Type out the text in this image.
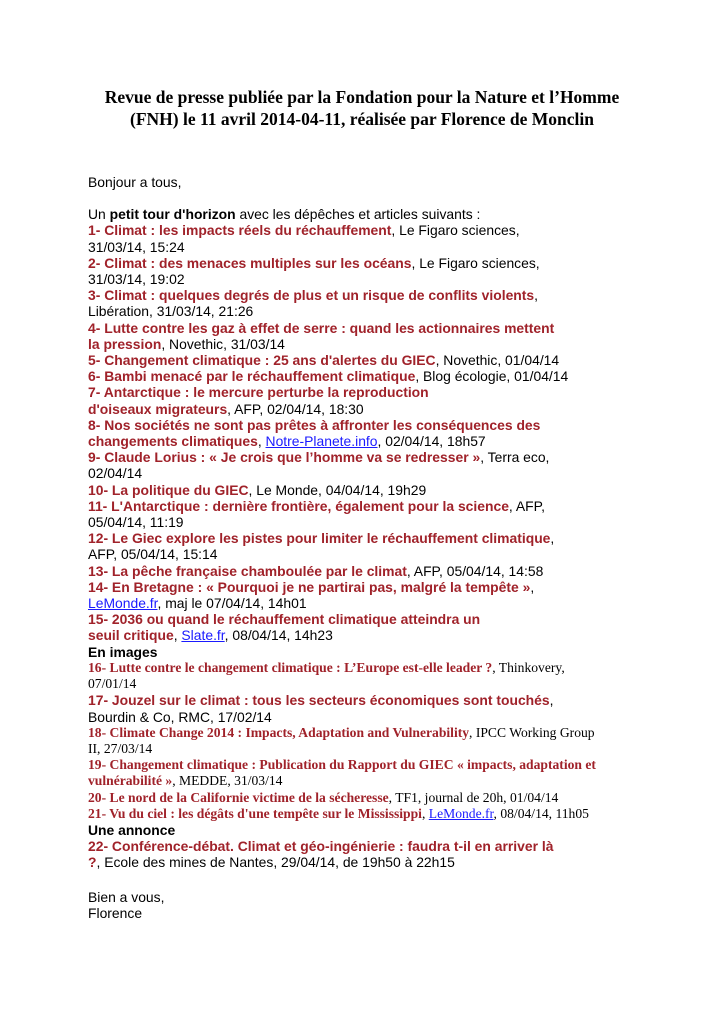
Revue de presse publiée par la Fondation pour la Nature et l’Homme
(FNH) le 11 avril 2014-04-11, réalisée par Florence de Monclin
Bonjour a tous,
Un petit tour d'horizon avec les dépêches et articles suivants :
1- Climat : les impacts réels du réchauffement, Le Figaro sciences,
31/03/14, 15:24
2- Climat : des menaces multiples sur les océans, Le Figaro sciences,
31/03/14, 19:02
3- Climat : quelques degrés de plus et un risque de conflits violents,
Libération, 31/03/14, 21:26
4- Lutte contre les gaz à effet de serre : quand les actionnaires mettent
la pression, Novethic, 31/03/14
5- Changement climatique : 25 ans d'alertes du GIEC, Novethic, 01/04/14
6- Bambi menacé par le réchauffement climatique, Blog écologie, 01/04/14
7- Antarctique : le mercure perturbe la reproduction
d'oiseaux migrateurs, AFP, 02/04/14, 18:30
8- Nos sociétés ne sont pas prêtes à affronter les conséquences des
changements climatiques, Notre-Planete.info, 02/04/14, 18h57
9- Claude Lorius : « Je crois que l’homme va se redresser », Terra eco,
02/04/14
10- La politique du GIEC, Le Monde, 04/04/14, 19h29
11- L'Antarctique : dernière frontière, également pour la science, AFP,
05/04/14, 11:19
12- Le Giec explore les pistes pour limiter le réchauffement climatique,
AFP, 05/04/14, 15:14
13- La pêche française chamboulée par le climat, AFP, 05/04/14, 14:58
14- En Bretagne : « Pourquoi je ne partirai pas, malgré la tempête »,
LeMonde.fr, maj le 07/04/14, 14h01
15- 2036 ou quand le réchauffement climatique atteindra un
seuil critique, Slate.fr, 08/04/14, 14h23
En images
16- Lutte contre le changement climatique : L’Europe est-elle leader ?, Thinkovery,
07/01/14
17- Jouzel sur le climat : tous les secteurs économiques sont touchés,
Bourdin & Co, RMC, 17/02/14
18- Climate Change 2014 : Impacts, Adaptation and Vulnerability, IPCC Working Group
II, 27/03/14
19- Changement climatique : Publication du Rapport du GIEC « impacts, adaptation et
vulnérabilité », MEDDE, 31/03/14
20- Le nord de la Californie victime de la sécheresse, TF1, journal de 20h, 01/04/14
21- Vu du ciel : les dégâts d'une tempête sur le Mississippi, LeMonde.fr, 08/04/14, 11h05
Une annonce
22- Conférence-débat. Climat et géo-ingénierie : faudra t-il en arriver là
?, Ecole des mines de Nantes, 29/04/14, de 19h50 à 22h15
Bien a vous,
Florence
